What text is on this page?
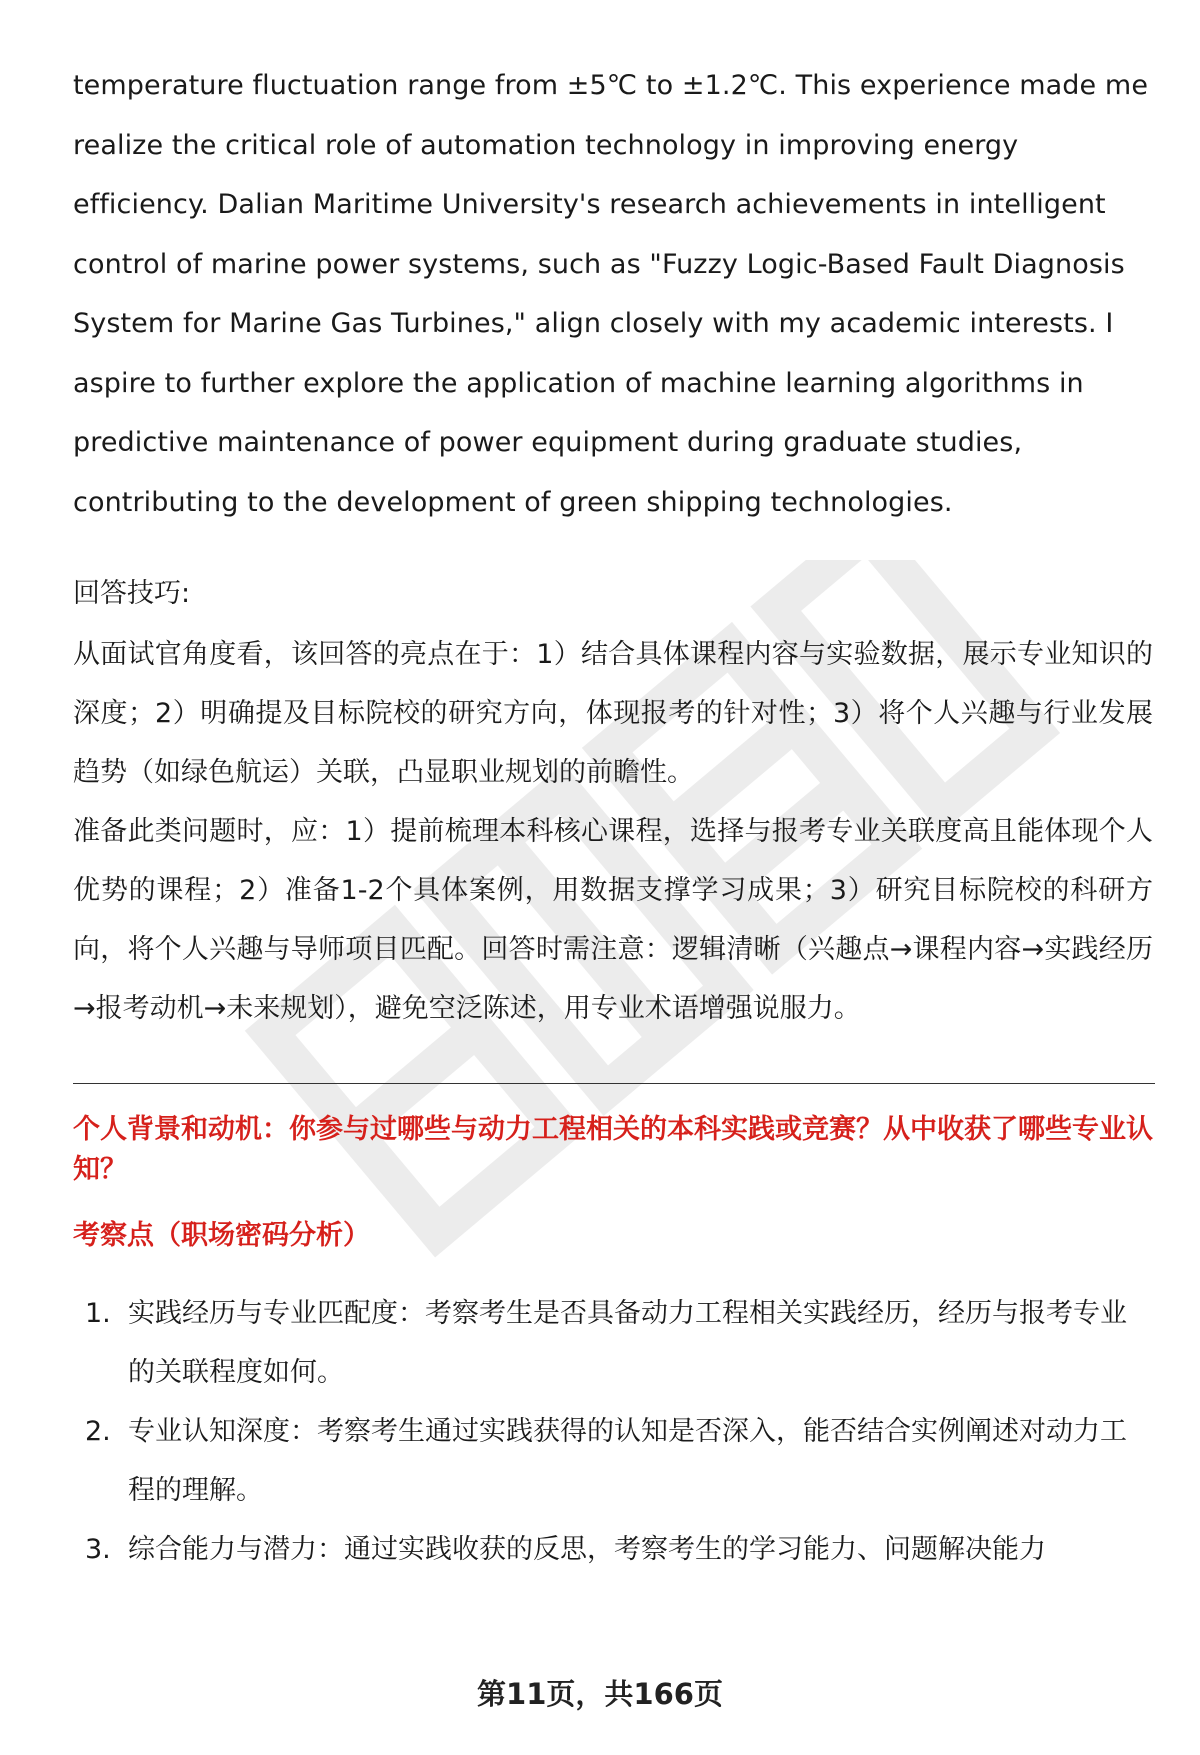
temperature fluctuation range from ±5℃ to ±1.2℃. This experience made me realize the critical role of automation technology in improving energy efficiency. Dalian Maritime University's research achievements in intelligent control of marine power systems, such as "Fuzzy Logic-Based Fault Diagnosis System for Marine Gas Turbines," align closely with my academic interests. I aspire to further explore the application of machine learning algorithms in predictive maintenance of power equipment during graduate studies, contributing to the development of green shipping technologies.

回答技巧:

从面试官角度看，该回答的亮点在于：1）结合具体课程内容与实验数据，展示专业知识的深度；2）明确提及目标院校的研究方向，体现报考的针对性；3）将个人兴趣与行业发展趋势（如绿色航运）关联，凸显职业规划的前瞻性。

准备此类问题时，应：1）提前梳理本科核心课程，选择与报考专业关联度高且能体现个人优势的课程；2）准备1-2个具体案例，用数据支撑学习成果；3）研究目标院校的科研方向，将个人兴趣与导师项目匹配。回答时需注意：逻辑清晰（兴趣点→课程内容→实践经历→报考动机→未来规划），避免空泛陈述，用专业术语增强说服力。

个人背景和动机：你参与过哪些与动力工程相关的本科实践或竞赛？从中收获了哪些专业认知？

考察点（职场密码分析）

1. 实践经历与专业匹配度：考察考生是否具备动力工程相关实践经历，经历与报考专业的关联程度如何。
2. 专业认知深度：考察考生通过实践获得的认知是否深入，能否结合实例阐述对动力工程的理解。
3. 综合能力与潜力：通过实践收获的反思，考察考生的学习能力、问题解决能力
第11页，共166页
